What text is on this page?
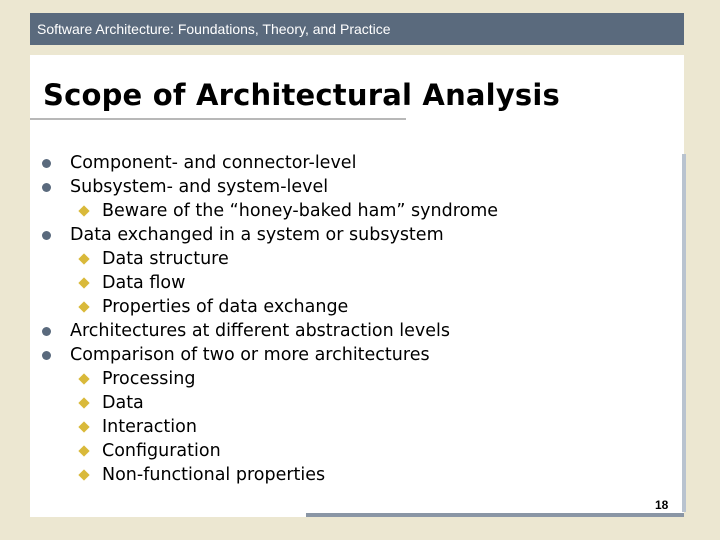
Software Architecture: Foundations, Theory, and Practice
Scope of Architectural Analysis
Component- and connector-level
Subsystem- and system-level
Beware of the “honey-baked ham” syndrome
Data exchanged in a system or subsystem
Data structure
Data flow
Properties of data exchange
Architectures at different abstraction levels
Comparison of two or more architectures
Processing
Data
Interaction
Configuration
Non-functional properties
18
